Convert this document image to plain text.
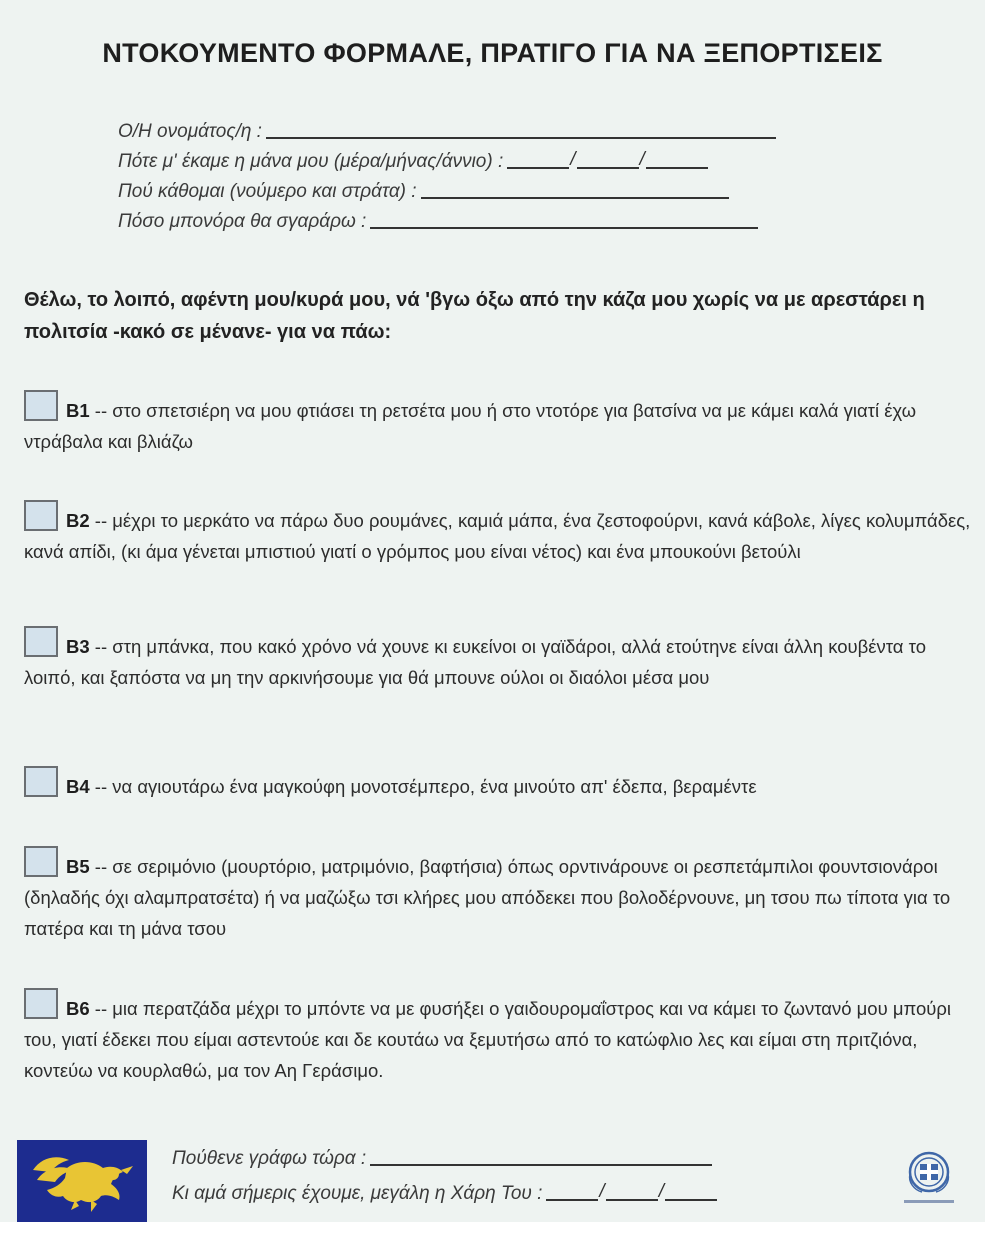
ΝΤΟΚΟΥΜΕΝΤΟ ΦΟΡΜΑΛΕ, ΠΡΑΤΙΓΟ ΓΙΑ ΝΑ ΞΕΠΟΡΤΙΣΕΙΣ
Ο/Η ονομάτος/η :
Πότε μ' έκαμε η μάνα μου (μέρα/μήνας/άννιο) :	/	/
Πού κάθομαι (νούμερο και στράτα) :
Πόσο μπονόρα θα σγαράρω :
Θέλω, το λοιπό, αφέντη μου/κυρά μου, νά 'βγω όξω από την κάζα μου χωρίς να με αρεστάρει η πολιτσία -κακό σε μένανε- για να πάω:
B1 -- στο σπετσιέρη να μου φτιάσει τη ρετσέτα μου ή στο ντοτόρε για βατσίνα να με κάμει καλά γιατί έχω ντράβαλα και βλιάζω
B2 -- μέχρι το μερκάτο να πάρω δυο ρουμάνες, καμιά μάπα, ένα ζεστοφούρνι, κανά κάβολε, λίγες κολυμπάδες, κανά απίδι, (κι άμα γένεται μπιστιού γιατί ο γρόμπος μου είναι νέτος) και ένα μπουκούνι βετούλι
B3 -- στη μπάνκα, που κακό χρόνο νά χουνε κι ευκείνοι οι γαϊδάροι, αλλά ετούτηνε είναι άλλη κουβέντα το λοιπό, και ξαπόστα να μη την αρκινήσουμε για θά μπουνε ούλοι οι διαόλοι μέσα μου
B4 -- να αγιουτάρω ένα μαγκούφη μονοτσέμπερο, ένα μινούτο απ' έδεπα, βεραμέντε
B5 -- σε σεριμόνιο (μουρτόριο, ματριμόνιο, βαφτήσια) όπως ορντινάρουνε οι ρεσπετάμπιλοι φουντσιονάροι (δηλαδής όχι αλαμπρατσέτα) ή να μαζώξω τσι κλήρες μου απόδεκει που βολοδέρνουνε, μη τσου πω τίποτα για το πατέρα και τη μάνα τσου
B6 -- μια περατζάδα μέχρι το μπόντε να με φυσήξει ο γαιδουρομαΐστρος και να κάμει το ζωντανό μου μπούρι του, γιατί έδεκει που είμαι αστεντούε και δε κουτάω να ξεμυτήσω από το κατώφλιο λες και είμαι στη πριτζιόνα, κοντεύω να κουρλαθώ, μα τον Αη Γεράσιμο.
Πούθενε γράφω τώρα :
Κι αμά σήμερις έχουμε, μεγάλη η Χάρη Του :	/	/
